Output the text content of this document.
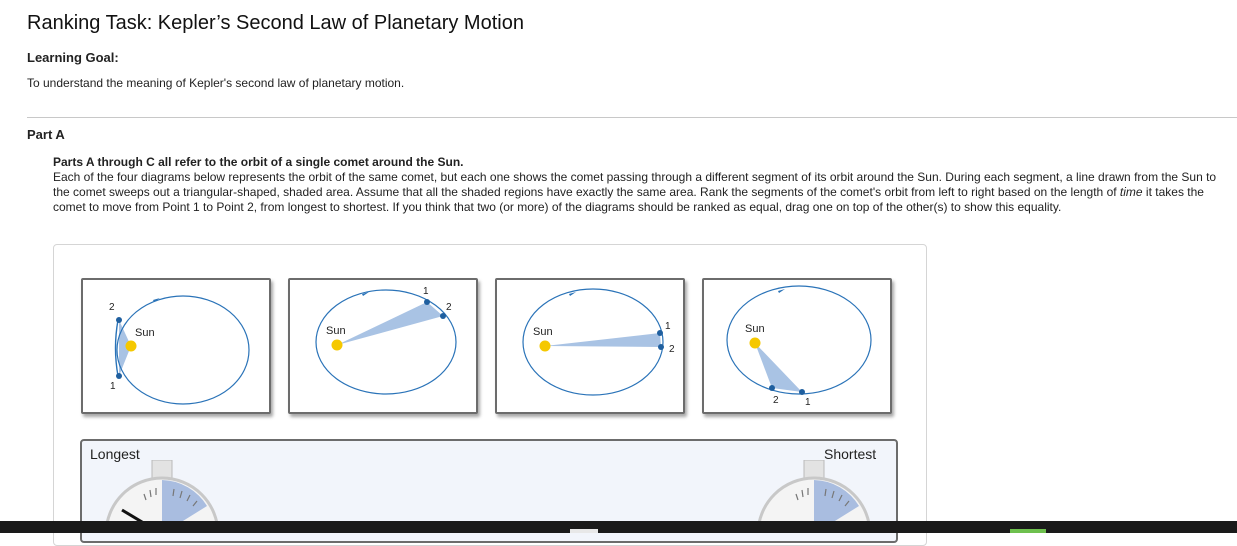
Ranking Task: Kepler’s Second Law of Planetary Motion
Learning Goal:
To understand the meaning of Kepler's second law of planetary motion.
Part A
Parts A through C all refer to the orbit of a single comet around the Sun.
Each of the four diagrams below represents the orbit of the same comet, but each one shows the comet passing through a different segment of its orbit around the Sun. During each segment, a line drawn from the Sun to the comet sweeps out a triangular-shaped, shaded area. Assume that all the shaded regions have exactly the same area. Rank the segments of the comet's orbit from left to right based on the length of time it takes the comet to move from Point 1 to Point 2, from longest to shortest. If you think that two (or more) of the diagrams should be ranked as equal, drag one on top of the other(s) to show this equality.
Sun
2
1
Sun
1
2
Sun	1
2
Sun
2	1
Longest	Shortest
